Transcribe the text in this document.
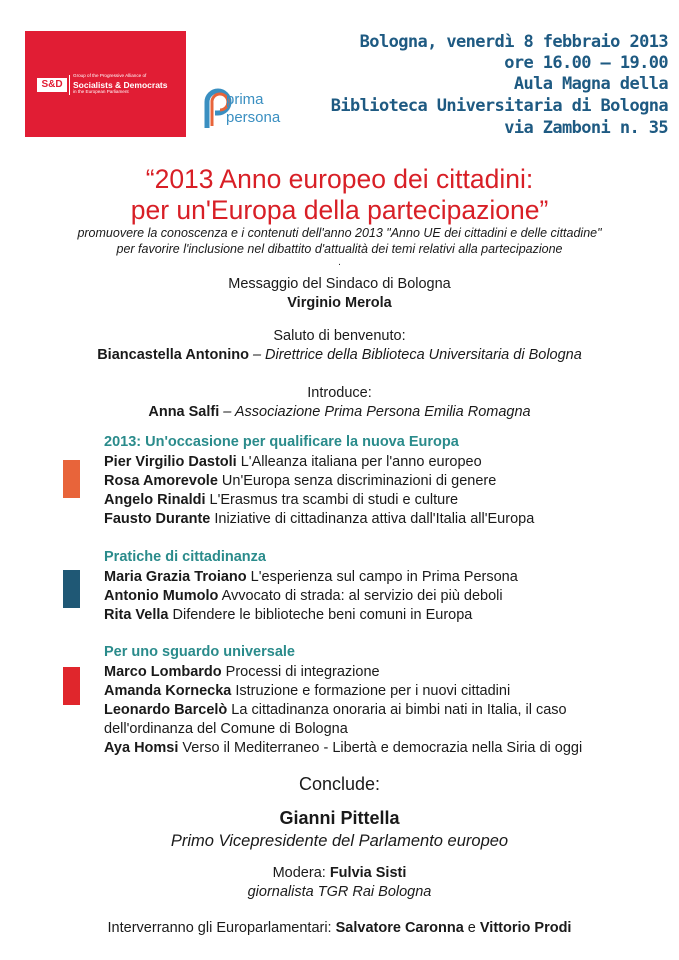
S&D
Group of the Progressive Alliance of
Socialists & Democrats
in the European Parliament	prima
persona
Bologna, venerdì 8 febbraio 2013
ore 16.00 – 19.00
Aula Magna della
Biblioteca Universitaria di Bologna
via Zamboni n. 35
“2013 Anno europeo dei cittadini:
per un'Europa della partecipazione”
promuovere la conoscenza e i contenuti dell'anno 2013 "Anno UE dei cittadini e delle cittadine"
per favorire l'inclusione nel dibattito d'attualità dei temi relativi alla partecipazione
.
Messaggio del Sindaco di Bologna
Virginio Merola
Saluto di benvenuto:
Biancastella Antonino – Direttrice della Biblioteca Universitaria di Bologna
Introduce:
Anna Salfi – Associazione Prima Persona Emilia Romagna
2013: Un'occasione per qualificare la nuova Europa
Pier Virgilio Dastoli L'Alleanza italiana per l'anno europeo
Rosa Amorevole Un'Europa senza discriminazioni di genere
Angelo Rinaldi L'Erasmus tra scambi di studi e culture
Fausto Durante Iniziative di cittadinanza attiva dall'Italia all'Europa
Pratiche di cittadinanza
Maria Grazia Troiano L'esperienza sul campo in Prima Persona
Antonio Mumolo Avvocato di strada: al servizio dei più deboli
Rita Vella Difendere le biblioteche beni comuni in Europa
Per uno sguardo universale
Marco Lombardo Processi di integrazione
Amanda Kornecka Istruzione e formazione per i nuovi cittadini
Leonardo Barcelò La cittadinanza onoraria ai bimbi nati in Italia, il caso
dell'ordinanza del Comune di Bologna
Aya Homsi Verso il Mediterraneo - Libertà e democrazia nella Siria di oggi
Conclude:
Gianni Pittella
Primo Vicepresidente del Parlamento europeo
Modera: Fulvia Sisti
giornalista TGR Rai Bologna
Interverranno gli Europarlamentari: Salvatore Caronna e Vittorio Prodi
